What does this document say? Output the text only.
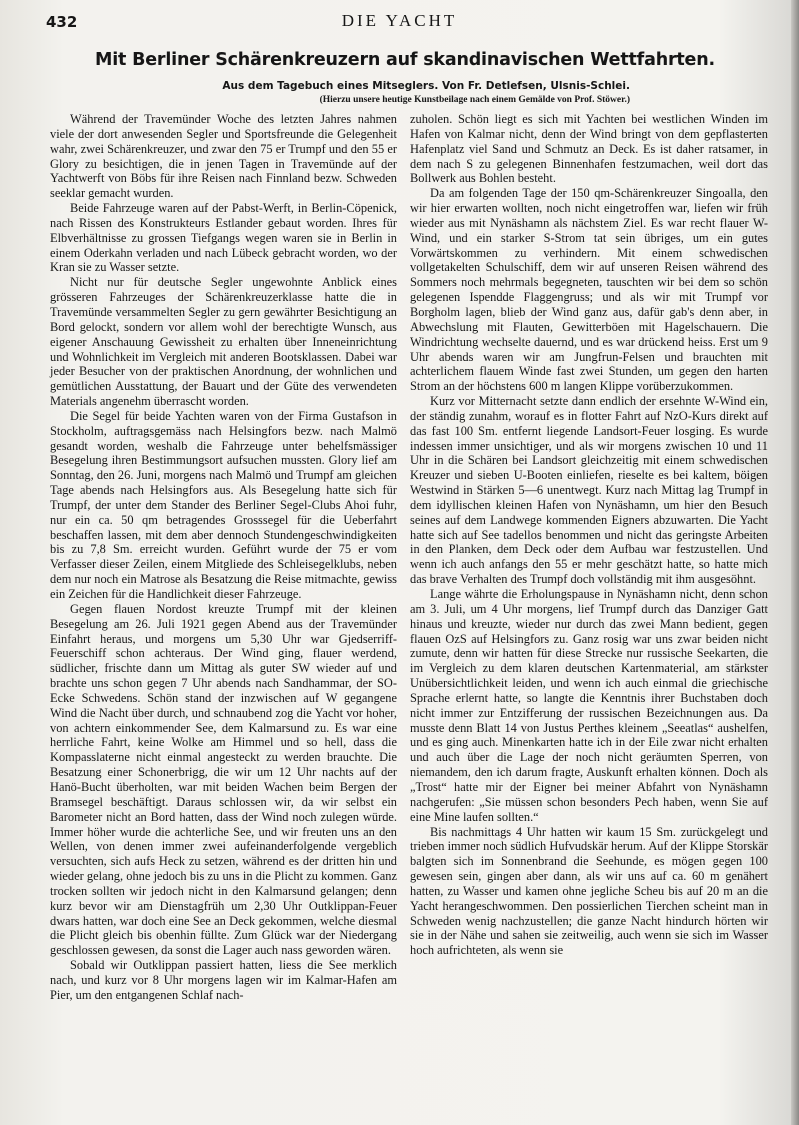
432	DIE YACHT
Mit Berliner Schärenkreuzern auf skandinavischen Wettfahrten.
Aus dem Tagebuch eines Mitseglers. Von Fr. Detlefsen, Ulsnis-Schlei.
(Hierzu unsere heutige Kunstbeilage nach einem Gemälde von Prof. Stöwer.)

Während der Travemünder Woche des letzten Jahres nahmen viele der dort anwesenden Segler und Sportsfreunde die Gelegenheit wahr, zwei Schärenkreuzer, und zwar den 75 er Trumpf und den 55 er Glory zu besichtigen, die in jenen Tagen in Travemünde auf der Yachtwerft von Böbs für ihre Reisen nach Finnland bezw. Schweden seeklar gemacht wurden.

Beide Fahrzeuge waren auf der Pabst-Werft, in Berlin-Cöpenick, nach Rissen des Konstrukteurs Estlander gebaut worden. Ihres für Elbverhältnisse zu grossen Tiefgangs wegen waren sie in Berlin in einem Oderkahn verladen und nach Lübeck gebracht worden, wo der Kran sie zu Wasser setzte.

Nicht nur für deutsche Segler ungewohnte Anblick eines grösseren Fahrzeuges der Schärenkreuzerklasse hatte die in Travemünde versammelten Segler zu gern gewährter Besichtigung an Bord gelockt, sondern vor allem wohl der berechtigte Wunsch, aus eigener Anschauung Gewissheit zu erhalten über Inneneinrichtung und Wohnlichkeit im Vergleich mit anderen Bootsklassen. Dabei war jeder Besucher von der praktischen Anordnung, der wohnlichen und gemütlichen Ausstattung, der Bauart und der Güte des verwendeten Materials angenehm überrascht worden.

Die Segel für beide Yachten waren von der Firma Gustafson in Stockholm, auftragsgemäss nach Helsingfors bezw. nach Malmö gesandt worden, weshalb die Fahrzeuge unter behelfsmässiger Besegelung ihren Bestimmungsort aufsuchen mussten. Glory lief am Sonntag, den 26. Juni, morgens nach Malmö und Trumpf am gleichen Tage abends nach Helsingfors aus. Als Besegelung hatte sich für Trumpf, der unter dem Stander des Berliner Segel-Clubs Ahoi fuhr, nur ein ca. 50 qm betragendes Grosssegel für die Ueberfahrt beschaffen lassen, mit dem aber dennoch Stundengeschwindigkeiten bis zu 7,8 Sm. erreicht wurden. Geführt wurde der 75 er vom Verfasser dieser Zeilen, einem Mitgliede des Schleisegelklubs, neben dem nur noch ein Matrose als Besatzung die Reise mitmachte, gewiss ein Zeichen für die Handlichkeit dieser Fahrzeuge.

Gegen flauen Nordost kreuzte Trumpf mit der kleinen Besegelung am 26. Juli 1921 gegen Abend aus der Travemünder Einfahrt heraus, und morgens um 5,30 Uhr war Gjedserriff-Feuerschiff schon achteraus. Der Wind ging, flauer werdend, südlicher, frischte dann um Mittag als guter SW wieder auf und brachte uns schon gegen 7 Uhr abends nach Sandhammar, der SO-Ecke Schwedens. Schön stand der inzwischen auf W gegangene Wind die Nacht über durch, und schnaubend zog die Yacht vor hoher, von achtern einkommender See, dem Kalmarsund zu. Es war eine herrliche Fahrt, keine Wolke am Himmel und so hell, dass die Kompasslaterne nicht einmal angesteckt zu werden brauchte. Die Besatzung einer Schonerbrigg, die wir um 12 Uhr nachts auf der Hanö-Bucht überholten, war mit beiden Wachen beim Bergen der Bramsegel beschäftigt. Daraus schlossen wir, da wir selbst ein Barometer nicht an Bord hatten, dass der Wind noch zulegen würde. Immer höher wurde die achterliche See, und wir freuten uns an den Wellen, von denen immer zwei aufeinanderfolgende vergeblich versuchten, sich aufs Heck zu setzen, während es der dritten hin und wieder gelang, ohne jedoch bis zu uns in die Plicht zu kommen. Ganz trocken sollten wir jedoch nicht in den Kalmarsund gelangen; denn kurz bevor wir am Dienstagfrüh um 2,30 Uhr Outklippan-Feuer dwars hatten, war doch eine See an Deck gekommen, welche diesmal die Plicht gleich bis obenhin füllte. Zum Glück war der Niedergang geschlossen gewesen, da sonst die Lager auch nass geworden wären.

Sobald wir Outklippan passiert hatten, liess die See merklich nach, und kurz vor 8 Uhr morgens lagen wir im Kalmar-Hafen am Pier, um den entgangenen Schlaf nach-

zuholen. Schön liegt es sich mit Yachten bei westlichen Winden im Hafen von Kalmar nicht, denn der Wind bringt von dem gepflasterten Hafenplatz viel Sand und Schmutz an Deck. Es ist daher ratsamer, in dem nach S zu gelegenen Binnenhafen festzumachen, weil dort das Bollwerk aus Bohlen besteht.

Da am folgenden Tage der 150 qm-Schärenkreuzer Singoalla, den wir hier erwarten wollten, noch nicht eingetroffen war, liefen wir früh wieder aus mit Nynäshamn als nächstem Ziel. Es war recht flauer W-Wind, und ein starker S-Strom tat sein übriges, um ein gutes Vorwärtskommen zu verhindern. Mit einem schwedischen vollgetakelten Schulschiff, dem wir auf unseren Reisen während des Sommers noch mehrmals begegneten, tauschten wir bei dem so schön gelegenen Ispendde Flaggengruss; und als wir mit Trumpf vor Borgholm lagen, blieb der Wind ganz aus, dafür gab's denn aber, in Abwechslung mit Flauten, Gewitterböen mit Hagelschauern. Die Windrichtung wechselte dauernd, und es war drückend heiss. Erst um 9 Uhr abends waren wir am Jungfrun-Felsen und brauchten mit achterlichem flauem Winde fast zwei Stunden, um gegen den harten Strom an der höchstens 600 m langen Klippe vorüberzukommen.

Kurz vor Mitternacht setzte dann endlich der ersehnte W-Wind ein, der ständig zunahm, worauf es in flotter Fahrt auf NzO-Kurs direkt auf das fast 100 Sm. entfernt liegende Landsort-Feuer losging. Es wurde indessen immer unsichtiger, und als wir morgens zwischen 10 und 11 Uhr in die Schären bei Landsort gleichzeitig mit einem schwedischen Kreuzer und sieben U-Booten einliefen, rieselte es bei kaltem, böigen Westwind in Stärken 5—6 unentwegt. Kurz nach Mittag lag Trumpf in dem idyllischen kleinen Hafen von Nynäshamn, um hier den Besuch seines auf dem Landwege kommenden Eigners abzuwarten. Die Yacht hatte sich auf See tadellos benommen und nicht das geringste Arbeiten in den Planken, dem Deck oder dem Aufbau war festzustellen. Und wenn ich auch anfangs den 55 er mehr geschätzt hatte, so hatte mich das brave Verhalten des Trumpf doch vollständig mit ihm ausgesöhnt.

Lange währte die Erholungspause in Nynäshamn nicht, denn schon am 3. Juli, um 4 Uhr morgens, lief Trumpf durch das Danziger Gatt hinaus und kreuzte, wieder nur durch das zwei Mann bedient, gegen flauen OzS auf Helsingfors zu. Ganz rosig war uns zwar beiden nicht zumute, denn wir hatten für diese Strecke nur russische Seekarten, die im Vergleich zu dem klaren deutschen Kartenmaterial, am stärkster Unübersichtlichkeit leiden, und wenn ich auch einmal die griechische Sprache erlernt hatte, so langte die Kenntnis ihrer Buchstaben doch nicht immer zur Entzifferung der russischen Bezeichnungen aus. Da musste denn Blatt 14 von Justus Perthes kleinem „Seeatlas“ aushelfen, und es ging auch. Minenkarten hatte ich in der Eile zwar nicht erhalten und auch über die Lage der noch nicht geräumten Sperren, von niemandem, den ich darum fragte, Auskunft erhalten können. Doch als „Trost“ hatte mir der Eigner bei meiner Abfahrt von Nynäshamn nachgerufen: „Sie müssen schon besonders Pech haben, wenn Sie auf eine Mine laufen sollten.“

Bis nachmittags 4 Uhr hatten wir kaum 15 Sm. zurückgelegt und trieben immer noch südlich Hufvudskär herum. Auf der Klippe Storskär balgten sich im Sonnenbrand die Seehunde, es mögen gegen 100 gewesen sein, gingen aber dann, als wir uns auf ca. 60 m genähert hatten, zu Wasser und kamen ohne jegliche Scheu bis auf 20 m an die Yacht herangeschwommen. Den possierlichen Tierchen scheint man in Schweden wenig nachzustellen; die ganze Nacht hindurch hörten wir sie in der Nähe und sahen sie zeitweilig, auch wenn sie sich im Wasser hoch aufrichteten, als wenn sie
